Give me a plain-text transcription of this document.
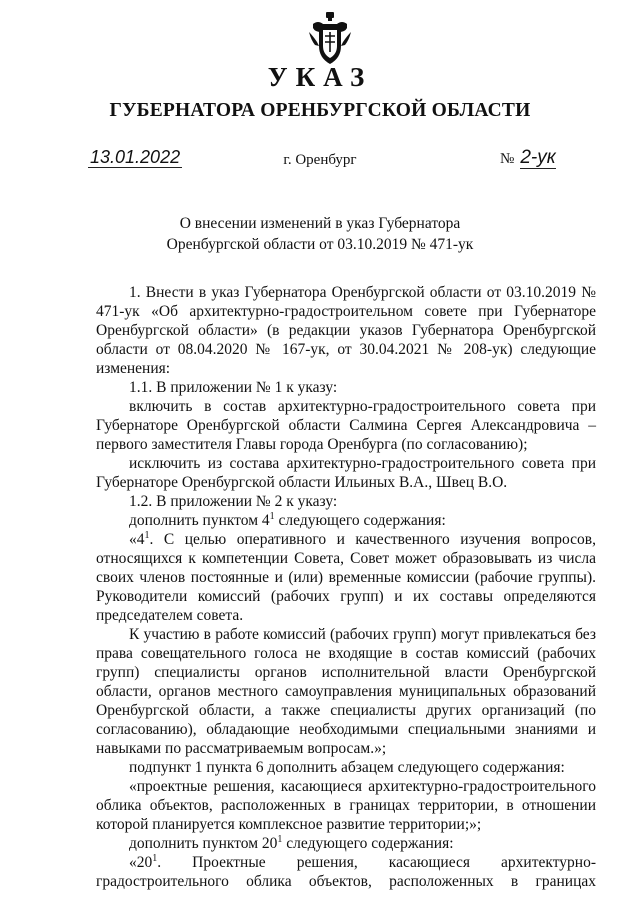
УКАЗ
ГУБЕРНАТОРА ОРЕНБУРГСКОЙ ОБЛАСТИ
13.01.2022	г. Оренбург	№ 2-ук
О внесении изменений в указ Губернатора
Оренбургской области от 03.10.2019 № 471-ук

1. Внести в указ Губернатора Оренбургской области от 03.10.2019 № 471-ук «Об архитектурно-градостроительном совете при Губернаторе Оренбургской области» (в редакции указов Губернатора Оренбургской области от 08.04.2020 № 167-ук, от 30.04.2021 № 208-ук) следующие изменения:

1.1. В приложении № 1 к указу:

включить в состав архитектурно-градостроительного совета при Губернаторе Оренбургской области Салмина Сергея Александровича – первого заместителя Главы города Оренбурга (по согласованию);

исключить из состава архитектурно-градостроительного совета при Губернаторе Оренбургской области Ильиных В.А., Швец В.О.

1.2. В приложении № 2 к указу:

дополнить пунктом $4^1$ следующего содержания:

«$4^1$. С целью оперативного и качественного изучения вопросов, относящихся к компетенции Совета, Совет может образовывать из числа своих членов постоянные и (или) временные комиссии (рабочие группы). Руководители комиссий (рабочих групп) и их составы определяются председателем совета.

К участию в работе комиссий (рабочих групп) могут привлекаться без права совещательного голоса не входящие в состав комиссий (рабочих групп) специалисты органов исполнительной власти Оренбургской области, органов местного самоуправления муниципальных образований Оренбургской области, а также специалисты других организаций (по согласованию), обладающие необходимыми специальными знаниями и навыками по рассматриваемым вопросам.»;

подпункт 1 пункта 6 дополнить абзацем следующего содержания:

«проектные решения, касающиеся архитектурно-градостроительного облика объектов, расположенных в границах территории, в отношении которой планируется комплексное развитие территории;»;

дополнить пунктом $20^1$ следующего содержания:

«$20^1$. Проектные решения, касающиеся архитектурно-градостроительного облика объектов, расположенных в границах
